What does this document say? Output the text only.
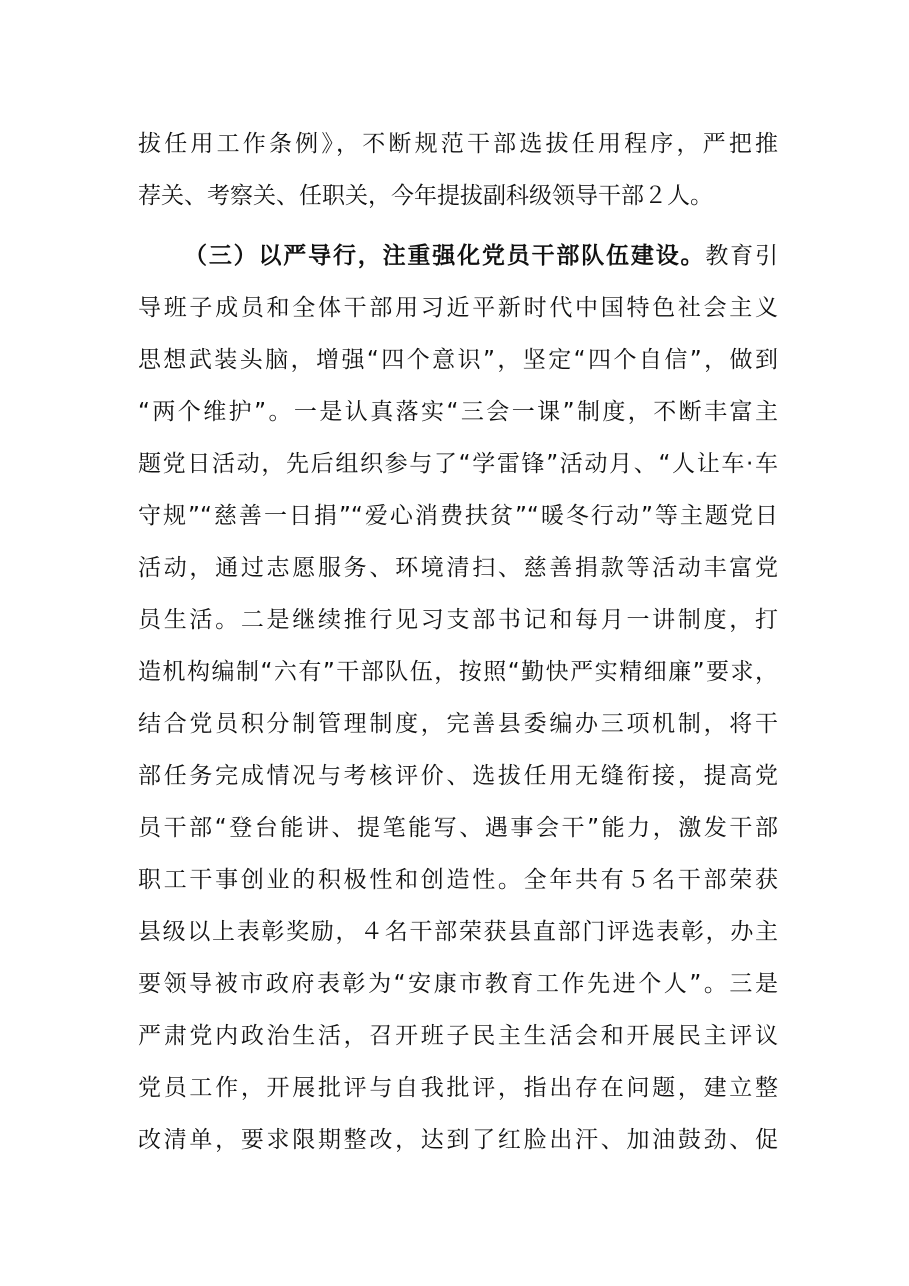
拔任用工作条例》，不断规范干部选拔任用程序，严把推
荐关、考察关、任职关，今年提拔副科级领导干部２人。
（三）以严导行，注重强化党员干部队伍建设。教育引
导班子成员和全体干部用习近平新时代中国特色社会主义
思想武装头脑，增强“四个意识”，坚定“四个自信”，做到
“两个维护”。一是认真落实“三会一课”制度，不断丰富主
题党日活动，先后组织参与了“学雷锋”活动月、“人让车·车
守规”“慈善一日捐”“爱心消费扶贫”“暖冬行动”等主题党日
活动，通过志愿服务、环境清扫、慈善捐款等活动丰富党
员生活。二是继续推行见习支部书记和每月一讲制度，打
造机构编制“六有”干部队伍，按照“勤快严实精细廉”要求，
结合党员积分制管理制度，完善县委编办三项机制，将干
部任务完成情况与考核评价、选拔任用无缝衔接，提高党
员干部“登台能讲、提笔能写、遇事会干”能力，激发干部
职工干事创业的积极性和创造性。全年共有５名干部荣获
县级以上表彰奖励，４名干部荣获县直部门评选表彰，办主
要领导被市政府表彰为“安康市教育工作先进个人”。三是
严肃党内政治生活，召开班子民主生活会和开展民主评议
党员工作，开展批评与自我批评，指出存在问题，建立整
改清单，要求限期整改，达到了红脸出汗、加油鼓劲、促
